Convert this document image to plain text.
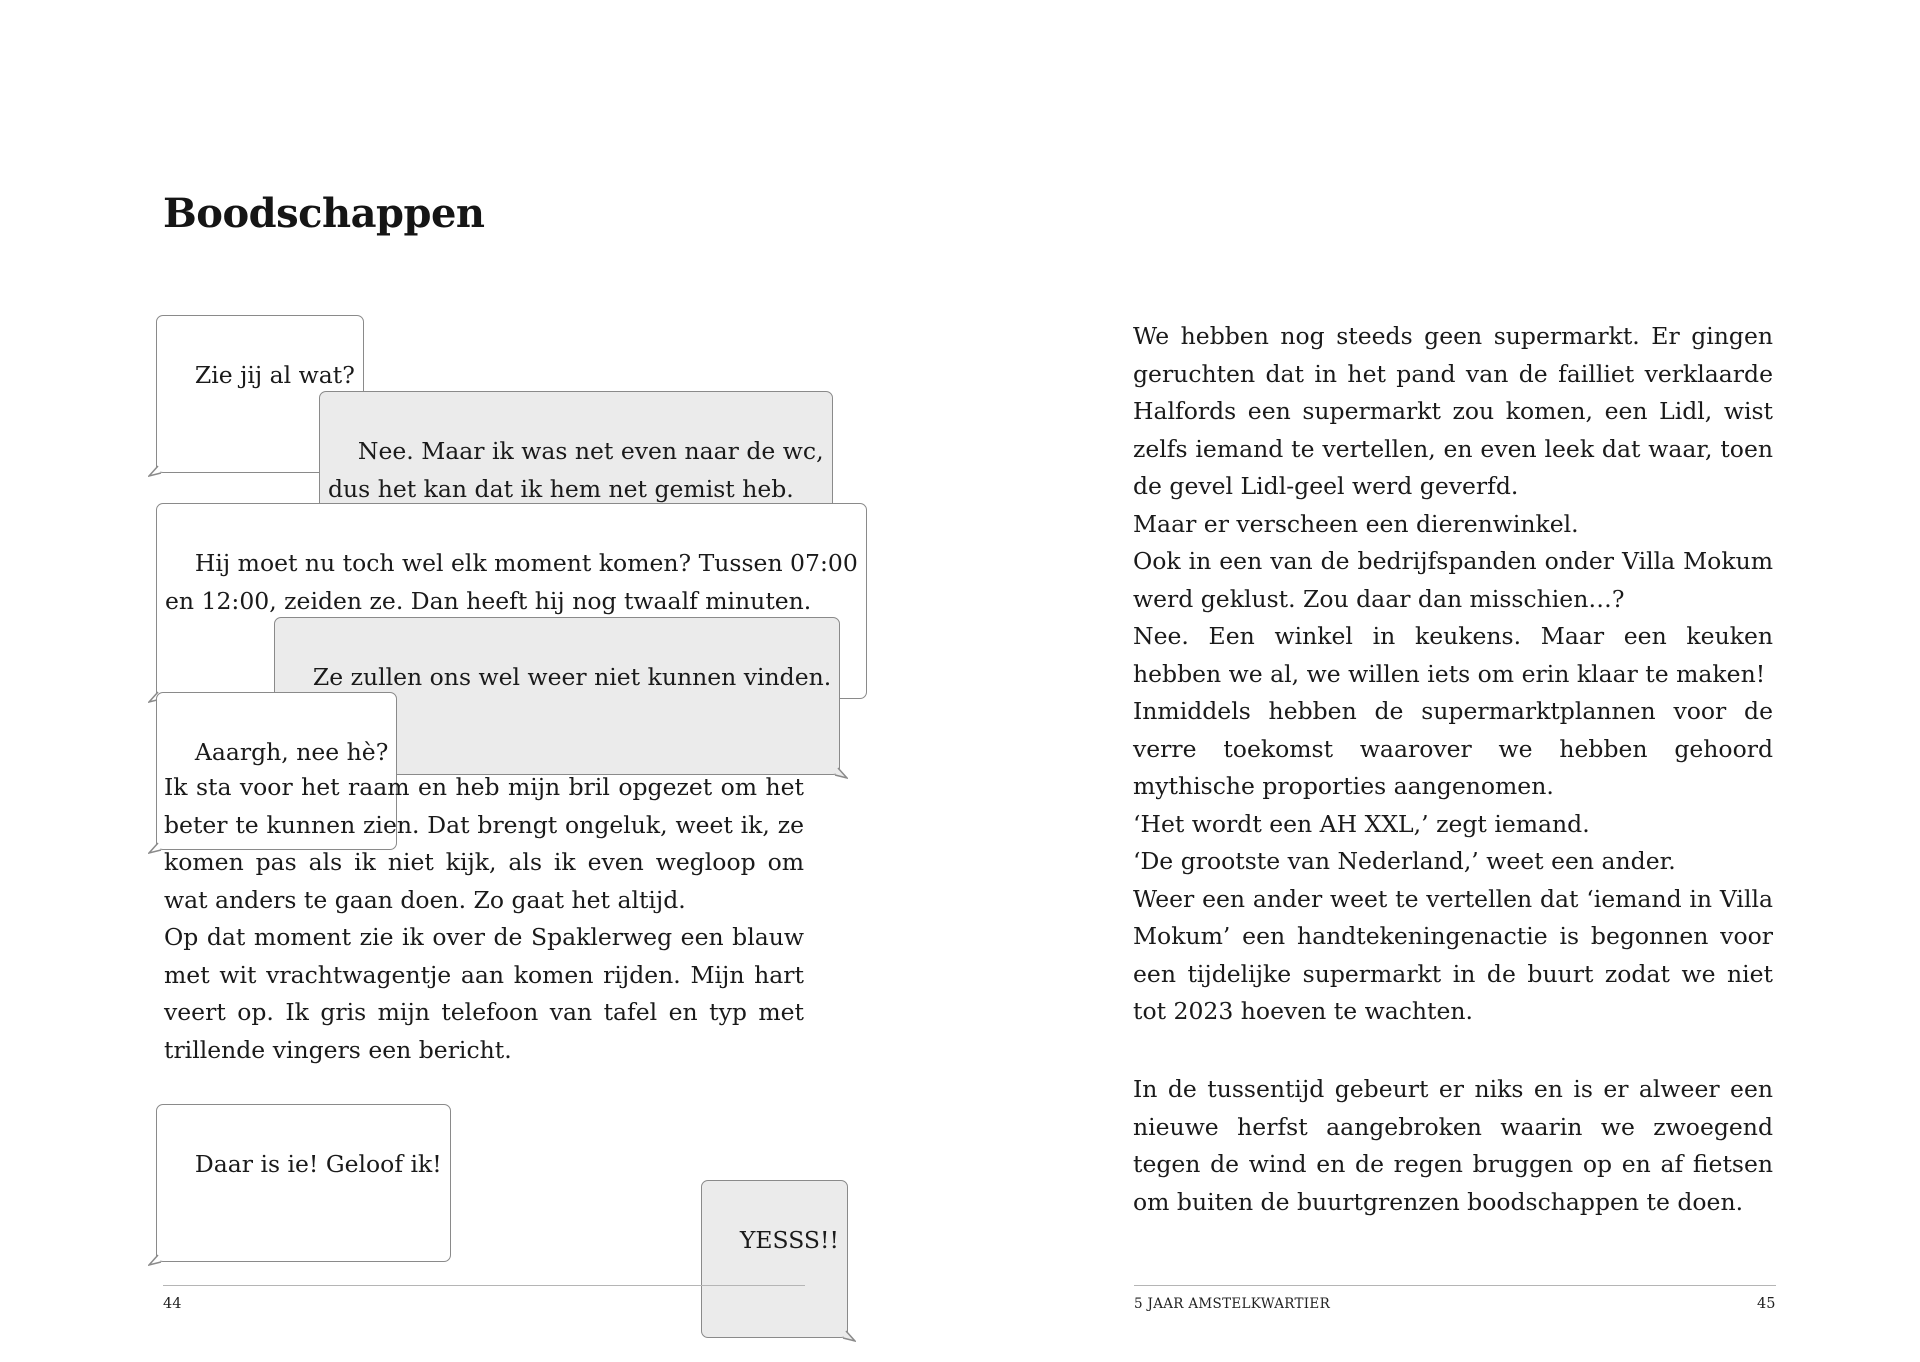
Boodschappen

Zie jij al wat?

Nee. Maar ik was net even naar de wc,
dus het kan dat ik hem net gemist heb.

Hij moet nu toch wel elk moment komen? Tussen 07:00
en 12:00, zeiden ze. Dan heeft hij nog twaalf minuten.

Ze zullen ons wel weer niet kunnen vinden.

Aaargh, nee hè?

Ik sta voor het raam en heb mijn bril opgezet om het beter te kunnen zien. Dat brengt ongeluk, weet ik, ze komen pas als ik niet kijk, als ik even wegloop om wat anders te gaan doen. Zo gaat het altijd.

Op dat moment zie ik over de Spaklerweg een blauw met wit vrachtwagentje aan komen rijden. Mijn hart veert op. Ik gris mijn telefoon van tafel en typ met trillende vingers een bericht.

Daar is ie! Geloof ik!

YESSS!!

44

We hebben nog steeds geen supermarkt. Er gingen geruchten dat in het pand van de failliet verklaarde Halfords een supermarkt zou komen, een Lidl, wist zelfs iemand te vertellen, en even leek dat waar, toen de gevel Lidl-geel werd geverfd.

Maar er verscheen een dierenwinkel.

Ook in een van de bedrijfspanden onder Villa Mokum werd geklust. Zou daar dan misschien…?

Nee. Een winkel in keukens. Maar een keuken hebben we al, we willen iets om erin klaar te maken!

Inmiddels hebben de supermarktplannen voor de verre toekomst waarover we hebben gehoord mythische proporties aangenomen.

‘Het wordt een AH XXL,’ zegt iemand.

‘De grootste van Nederland,’ weet een ander.

Weer een ander weet te vertellen dat ‘iemand in Villa Mokum’ een handtekeningenactie is begonnen voor een tijdelijke supermarkt in de buurt zodat we niet tot 2023 hoeven te wachten.

In de tussentijd gebeurt er niks en is er alweer een nieuwe herfst aangebroken waarin we zwoegend tegen de wind en de regen bruggen op en af fietsen om buiten de buurtgrenzen boodschappen te doen.

5 JAAR AMSTELKWARTIER	45
